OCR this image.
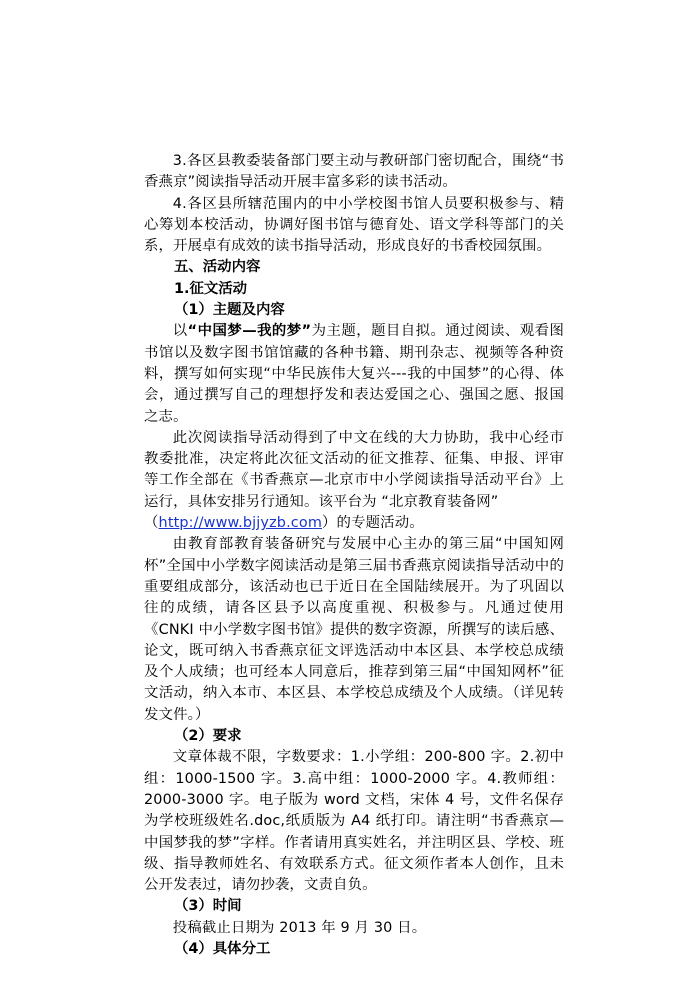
3.各区县教委装备部门要主动与教研部门密切配合，围绕“书香燕京”阅读指导活动开展丰富多彩的读书活动。

4.各区县所辖范围内的中小学校图书馆人员要积极参与、精心筹划本校活动，协调好图书馆与德育处、语文学科等部门的关系，开展卓有成效的读书指导活动，形成良好的书香校园氛围。

五、活动内容

1.征文活动

（1）主题及内容

以“中国梦—我的梦”为主题，题目自拟。通过阅读、观看图书馆以及数字图书馆馆藏的各种书籍、期刊杂志、视频等各种资料，撰写如何实现“中华民族伟大复兴---我的中国梦”的心得、体会，通过撰写自己的理想抒发和表达爱国之心、强国之愿、报国之志。

此次阅读指导活动得到了中文在线的大力协助，我中心经市教委批准，决定将此次征文活动的征文推荐、征集、申报、评审等工作全部在《书香燕京—北京市中小学阅读指导活动平台》上运行，具体安排另行通知。该平台为 “北京教育装备网”
（http://www.bjjyzb.com）的专题活动。

由教育部教育装备研究与发展中心主办的第三届“中国知网杯”全国中小学数字阅读活动是第三届书香燕京阅读指导活动中的重要组成部分，该活动也已于近日在全国陆续展开。为了巩固以往的成绩，请各区县予以高度重视、积极参与。凡通过使用《CNKI 中小学数字图书馆》提供的数字资源，所撰写的读后感、论文，既可纳入书香燕京征文评选活动中本区县、本学校总成绩及个人成绩；也可经本人同意后，推荐到第三届“中国知网杯”征文活动，纳入本市、本区县、本学校总成绩及个人成绩。（详见转发文件。）

（2）要求

文章体裁不限，字数要求：1.小学组：200-800 字。2.初中组：1000-1500 字。3.高中组：1000-2000 字。4.教师组：2000-3000 字。电子版为 word 文档，宋体 4 号，文件名保存为学校班级姓名.doc,纸质版为 A4 纸打印。请注明“书香燕京—中国梦我的梦”字样。作者请用真实姓名，并注明区县、学校、班级、指导教师姓名、有效联系方式。征文须作者本人创作，且未公开发表过，请勿抄袭，文责自负。

（3）时间

投稿截止日期为 2013 年 9 月 30 日。

（4）具体分工
